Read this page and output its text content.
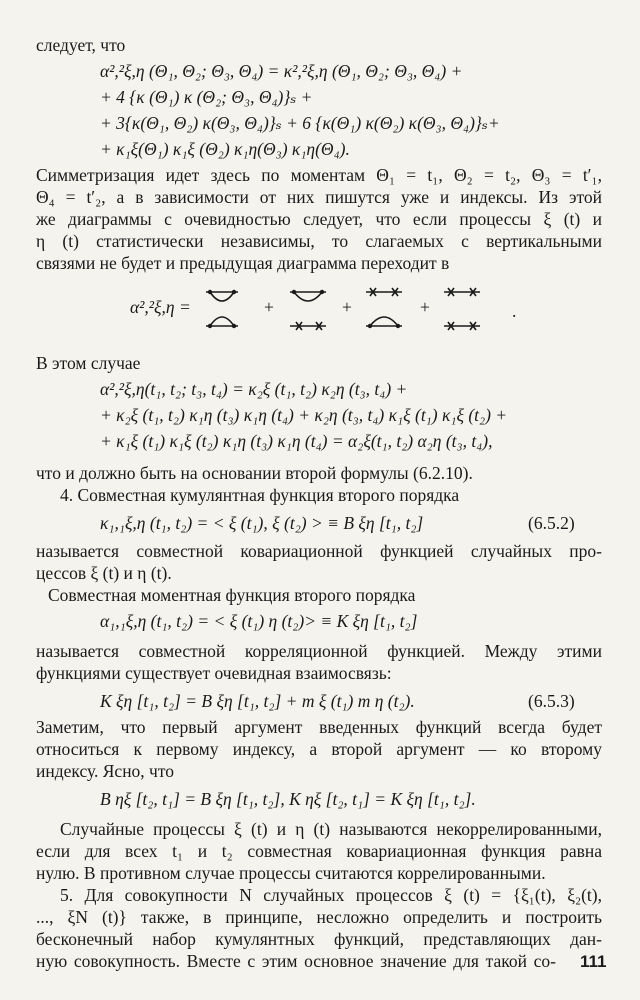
следует, что
α²,²ξ,η (Θ₁, Θ₂; Θ₃, Θ₄) = κ²,²ξ,η (Θ₁, Θ₂; Θ₃, Θ₄) +
+ 4 {κ (Θ₁) κ (Θ₂; Θ₃, Θ₄)}ₛ +
+ 3{κ(Θ₁, Θ₂) κ(Θ₃, Θ₄)}ₛ + 6 {κ(Θ₁) κ(Θ₂) κ(Θ₃, Θ₄)}ₛ+
+ κ₁ξ(Θ₁) κ₁ξ (Θ₂) κ₁η(Θ₃) κ₁η(Θ₄).
Симметризация идет здесь по моментам Θ₁ = t₁, Θ₂ = t₂, Θ₃ = t′₁,
Θ₄ = t′₂, а в зависимости от них пишутся уже и индексы. Из этой
же диаграммы с очевидностью следует, что если процессы ξ (t) и
η (t) статистически независимы, то слагаемых с вертикальными
связями не будет и предыдущая диаграмма переходит в
α²,²ξ,η =	+	+	+	.
В этом случае
α²,²ξ,η(t₁, t₂; t₃, t₄) = κ₂ξ (t₁, t₂) κ₂η (t₃, t₄) +
+ κ₂ξ (t₁, t₂) κ₁η (t₃) κ₁η (t₄) + κ₂η (t₃, t₄) κ₁ξ (t₁) κ₁ξ (t₂) +
+ κ₁ξ (t₁) κ₁ξ (t₂) κ₁η (t₃) κ₁η (t₄) = α₂ξ(t₁, t₂) α₂η (t₃, t₄),
что и должно быть на основании второй формулы (6.2.10).
4. Совместная кумулянтная функция второго порядка
κ₁,₁ξ,η (t₁, t₂) = < ξ (t₁), ξ (t₂) > ≡ B ξη [t₁, t₂]	(6.5.2)
называется совместной ковариационной функцией случайных про-
цессов ξ (t) и η (t).
Совместная моментная функция второго порядка
α₁,₁ξ,η (t₁, t₂) = < ξ (t₁) η (t₂)> ≡ K ξη [t₁, t₂]
называется совместной корреляционной функцией. Между этими
функциями существует очевидная взаимосвязь:
K ξη [t₁, t₂] = B ξη [t₁, t₂] + m ξ (t₁) m η (t₂).	(6.5.3)
Заметим, что первый аргумент введенных функций всегда будет
относиться к первому индексу, а второй аргумент — ко второму
индексу. Ясно, что
B ηξ [t₂, t₁] = B ξη [t₁, t₂], K ηξ [t₂, t₁] = K ξη [t₁, t₂].
Случайные процессы ξ (t) и η (t) называются некоррелированными,
если для всех t₁ и t₂ совместная ковариационная функция равна
нулю. В противном случае процессы считаются коррелированными.
5. Для совокупности N случайных процессов ξ (t) = {ξ₁(t), ξ₂(t),
..., ξN (t)} также, в принципе, несложно определить и построить
бесконечный набор кумулянтных функций, представляющих дан-
ную совокупность. Вместе с этим основное значение для такой со- 111
